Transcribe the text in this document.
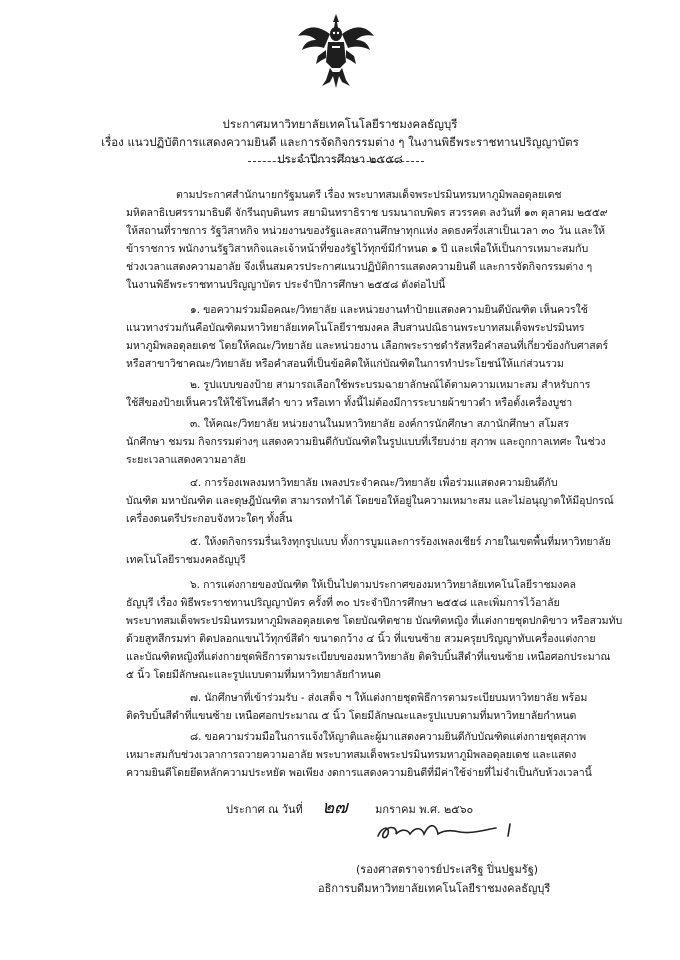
ประกาศมหาวิทยาลัยเทคโนโลยีราชมงคลธัญบุรี
เรื่อง แนวปฏิบัติการแสดงความยินดี และการจัดกิจกรรมต่าง ๆ ในงานพิธีพระราชทานปริญญาบัตร
ประจำปีการศึกษา ๒๕๕๘
ตามประกาศสำนักนายกรัฐมนตรี เรื่อง พระบาทสมเด็จพระปรมินทรมหาภูมิพลอดุลยเดช
มหิตลาธิเบศรรามาธิบดี จักรีนฤบดินทร สยามินทราธิราช บรมนาถบพิตร สวรรคต ลงวันที่ ๑๓ ตุลาคม ๒๕๕๙
ให้สถานที่ราชการ รัฐวิสาหกิจ หน่วยงานของรัฐและสถานศึกษาทุกแห่ง ลดธงครึ่งเสาเป็นเวลา ๓๐ วัน และให้
ข้าราชการ พนักงานรัฐวิสาหกิจและเจ้าหน้าที่ของรัฐไว้ทุกข์มีกำหนด ๑ ปี และเพื่อให้เป็นการเหมาะสมกับ
ช่วงเวลาแสดงความอาลัย จึงเห็นสมควรประกาศแนวปฏิบัติการแสดงความยินดี และการจัดกิจกรรมต่าง ๆ
ในงานพิธีพระราชทานปริญญาบัตร ประจำปีการศึกษา ๒๕๕๘ ดังต่อไปนี้
๑. ขอความร่วมมือคณะ/วิทยาลัย และหน่วยงานทำป้ายแสดงความยินดีบัณฑิต เห็นควรใช้
แนวทางร่วมกันคือบัณฑิตมหาวิทยาลัยเทคโนโลยีราชมงคล สืบสานปณิธานพระบาทสมเด็จพระปรมินทร
มหาภูมิพลอดุลยเดช โดยให้คณะ/วิทยาลัย และหน่วยงาน เลือกพระราชดำรัสหรือคำสอนที่เกี่ยวข้องกับศาสตร์
หรือสาขาวิชาคณะ/วิทยาลัย หรือคำสอนที่เป็นข้อคิดให้แก่บัณฑิตในการทำประโยชน์ให้แก่ส่วนรวม
๒. รูปแบบของป้าย สามารถเลือกใช้พระบรมฉายาลักษณ์ได้ตามความเหมาะสม สำหรับการ
ใช้สีของป้ายเห็นควรให้ใช้โทนสีดำ ขาว หรือเทา ทั้งนี้ไม่ต้องมีการระบายผ้าขาวดำ หรือตั้งเครื่องบูชา
๓. ให้คณะ/วิทยาลัย หน่วยงานในมหาวิทยาลัย องค์การนักศึกษา สภานักศึกษา สโมสร
นักศึกษา ชมรม กิจกรรมต่างๆ แสดงความยินดีกับบัณฑิตในรูปแบบที่เรียบง่าย สุภาพ และถูกกาลเทศะ ในช่วง
ระยะเวลาแสดงความอาลัย
๔. การร้องเพลงมหาวิทยาลัย เพลงประจำคณะ/วิทยาลัย เพื่อร่วมแสดงความยินดีกับ
บัณฑิต มหาบัณฑิต และดุษฎีบัณฑิต สามารถทำได้ โดยขอให้อยู่ในความเหมาะสม และไม่อนุญาตให้มีอุปกรณ์
เครื่องดนตรีประกอบจังหวะใดๆ ทั้งสิ้น
๕. ให้งดกิจกรรมรื่นเริงทุกรูปแบบ ทั้งการบูมและการร้องเพลงเชียร์ ภายในเขตพื้นที่มหาวิทยาลัย
เทคโนโลยีราชมงคลธัญบุรี
๖. การแต่งกายของบัณฑิต ให้เป็นไปตามประกาศของมหาวิทยาลัยเทคโนโลยีราชมงคล
ธัญบุรี เรื่อง พิธีพระราชทานปริญญาบัตร ครั้งที่ ๓๐ ประจำปีการศึกษา ๒๕๕๘ และเพิ่มการไว้อาลัย
พระบาทสมเด็จพระปรมินทรมหาภูมิพลอดุลยเดช โดยบัณฑิตชาย บัณฑิตหญิง ที่แต่งกายชุดปกติขาว หรือสวมทับ
ด้วยสูทสีกรมท่า ติดปลอกแขนไว้ทุกข์สีดำ ขนาดกว้าง ๔ นิ้ว ที่แขนซ้าย สวมครุยปริญญาทับเครื่องแต่งกาย
และบัณฑิตหญิงที่แต่งกายชุดพิธีการตามระเบียบของมหาวิทยาลัย ติดริบบิ้นสีดำที่แขนซ้าย เหนือศอกประมาณ
๕ นิ้ว โดยมีลักษณะและรูปแบบตามที่มหาวิทยาลัยกำหนด
๗. นักศึกษาที่เข้าร่วมรับ - ส่งเสด็จ ฯ ให้แต่งกายชุดพิธีการตามระเบียบมหาวิทยาลัย พร้อม
ติดริบบิ้นสีดำที่แขนซ้าย เหนือศอกประมาณ ๕ นิ้ว โดยมีลักษณะและรูปแบบตามที่มหาวิทยาลัยกำหนด
๘. ขอความร่วมมือในการแจ้งให้ญาติและผู้มาแสดงความยินดีกับบัณฑิตแต่งกายชุดสุภาพ
เหมาะสมกับช่วงเวลาการถวายความอาลัย พระบาทสมเด็จพระปรมินทรมหาภูมิพลอดุลยเดช และแสดง
ความยินดีโดยยึดหลักความประหยัด พอเพียง งดการแสดงความยินดีที่มีค่าใช้จ่ายที่ไม่จำเป็นกับห้วงเวลานี้
ประกาศ ณ วันที่ ๒๗	มกราคม พ.ศ. ๒๕๖๐
(รองศาสตราจารย์ประเสริฐ ปิ่นปฐมรัฐ)
อธิการบดีมหาวิทยาลัยเทคโนโลยีราชมงคลธัญบุรี
